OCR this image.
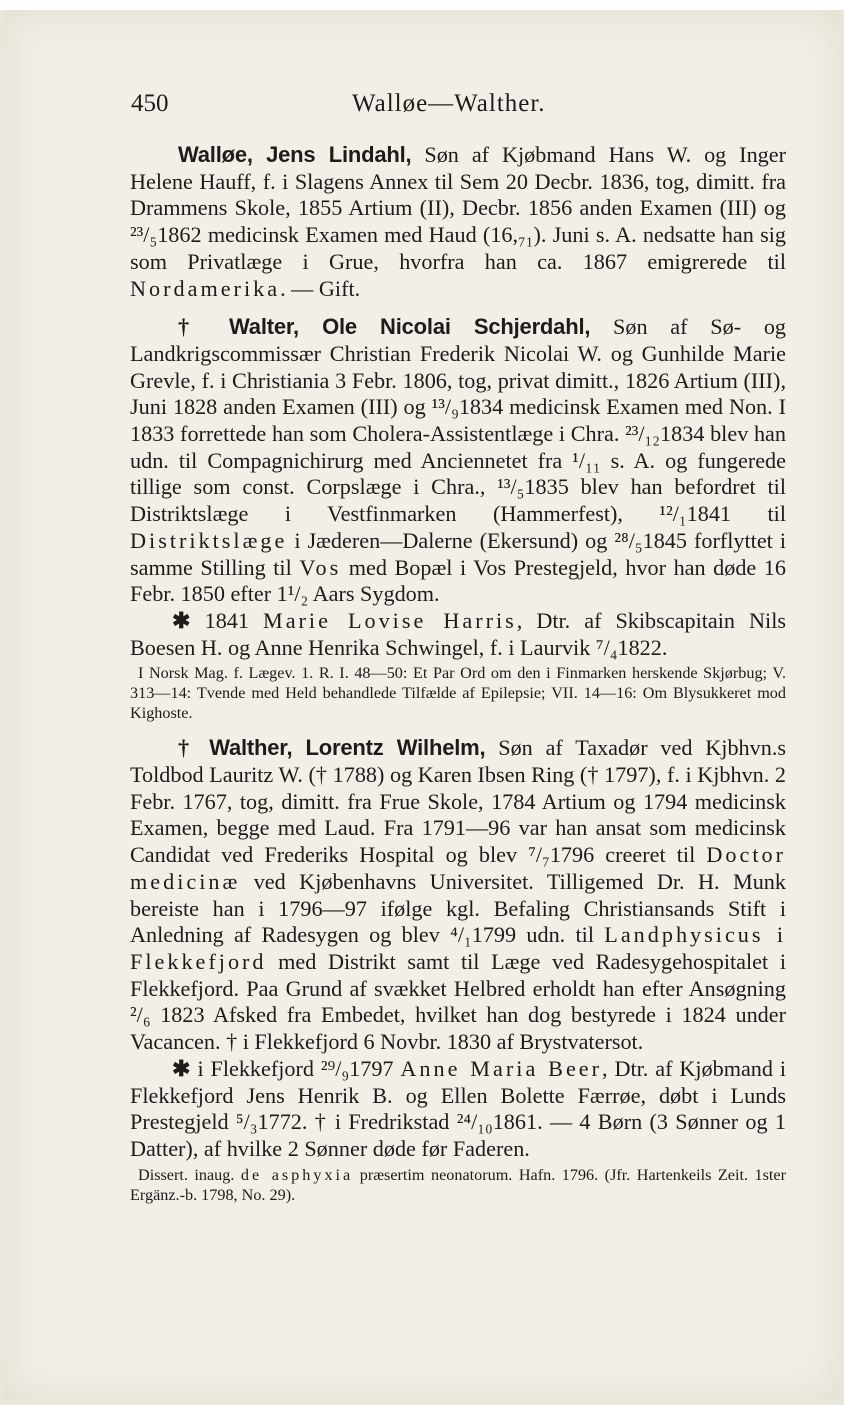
450	Walløe—Walther.

Walløe, Jens Lindahl, Søn af Kjøbmand Hans W. og Inger Helene Hauff, f. i Slagens Annex til Sem 20 Decbr. 1836, tog, dimitt. fra Drammens Skole, 1855 Artium (II), Decbr. 1856 anden Examen (III) og ²³/₅1862 medicinsk Examen med Haud (16,₇₁). Juni s. A. nedsatte han sig som Privatlæge i Grue, hvorfra han ca. 1867 emigrerede til Nordamerika. — Gift.

† Walter, Ole Nicolai Schjerdahl, Søn af Sø- og Landkrigscommissær Christian Frederik Nicolai W. og Gunhilde Marie Grevle, f. i Christiania 3 Febr. 1806, tog, privat dimitt., 1826 Artium (III), Juni 1828 anden Examen (III) og ¹³/₉1834 medicinsk Examen med Non. I 1833 forrettede han som Cholera-Assistentlæge i Chra. ²³/₁₂1834 blev han udn. til Compagnichirurg med Anciennetet fra ¹/₁₁ s. A. og fungerede tillige som const. Corpslæge i Chra., ¹³/₅1835 blev han befordret til Distriktslæge i Vestfinmarken (Hammerfest), ¹²/₁1841 til Distriktslæge i Jæderen—Dalerne (Ekersund) og ²⁸/₅1845 forflyttet i samme Stilling til Vos med Bopæl i Vos Prestegjeld, hvor han døde 16 Febr. 1850 efter 1¹/₂ Aars Sygdom.

✱ 1841 Marie Lovise Harris, Dtr. af Skibscapitain Nils Boesen H. og Anne Henrika Schwingel, f. i Laurvik ⁷/₄1822.

I Norsk Mag. f. Lægev. 1. R. I. 48—50: Et Par Ord om den i Finmarken herskende Skjørbug; V. 313—14: Tvende med Held behandlede Tilfælde af Epilepsie; VII. 14—16: Om Blysukkeret mod Kighoste.

† Walther, Lorentz Wilhelm, Søn af Taxadør ved Kjbhvn.s Toldbod Lauritz W. († 1788) og Karen Ibsen Ring († 1797), f. i Kjbhvn. 2 Febr. 1767, tog, dimitt. fra Frue Skole, 1784 Artium og 1794 medicinsk Examen, begge med Laud. Fra 1791—96 var han ansat som medicinsk Candidat ved Frederiks Hospital og blev ⁷/₇1796 creeret til Doctor medicinæ ved Kjøbenhavns Universitet. Tilligemed Dr. H. Munk bereiste han i 1796—97 ifølge kgl. Befaling Christiansands Stift i Anledning af Radesygen og blev ⁴/₁1799 udn. til Landphysicus i Flekkefjord med Distrikt samt til Læge ved Radesygehospitalet i Flekkefjord. Paa Grund af svækket Helbred erholdt han efter Ansøgning ²/₆ 1823 Afsked fra Embedet, hvilket han dog bestyrede i 1824 under Vacancen. † i Flekkefjord 6 Novbr. 1830 af Brystvatersot.

✱ i Flekkefjord ²⁹/₉1797 Anne Maria Beer, Dtr. af Kjøbmand i Flekkefjord Jens Henrik B. og Ellen Bolette Færrøe, døbt i Lunds Prestegjeld ⁵/₃1772. † i Fredrikstad ²⁴/₁₀1861. — 4 Børn (3 Sønner og 1 Datter), af hvilke 2 Sønner døde før Faderen.

Dissert. inaug. de asphyxia præsertim neonatorum. Hafn. 1796. (Jfr. Hartenkeils Zeit. 1ster Ergänz.-b. 1798, No. 29).
